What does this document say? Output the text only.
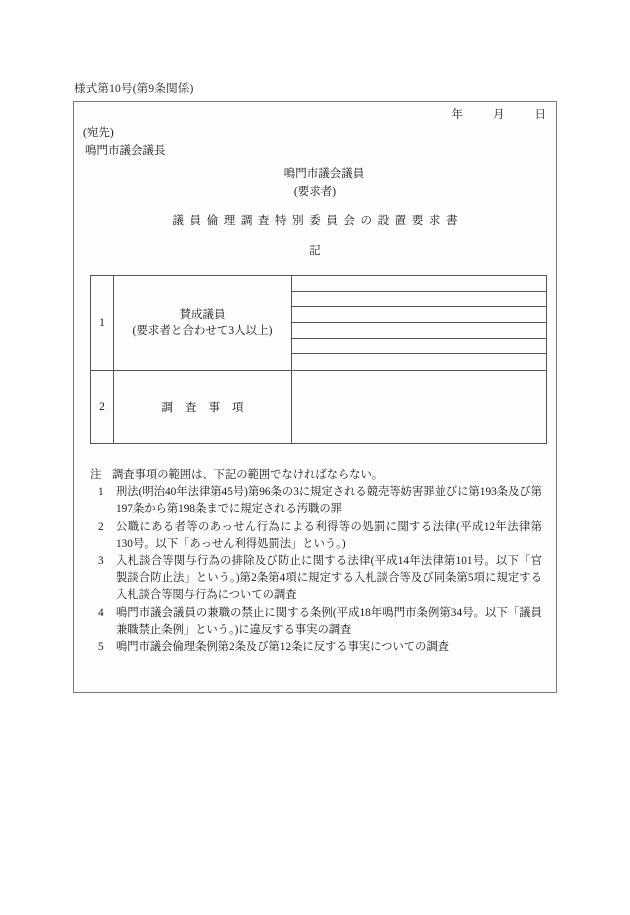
様式第10号(第9条関係)
年	月	日
(宛先)
鳴門市議会議長
鳴門市議会議員
(要求者)
議員倫理調査特別委員会の設置要求書
記
1	賛成議員
(要求者と合わせて3人以上)	

2	調査事項	

注 調査事項の範囲は、下記の範囲でなければならない。
1 刑法(明治40年法律第45号)第96条の3に規定される競売等妨害罪並びに第193条及び第197条から第198条までに規定される汚職の罪
2 公職にある者等のあっせん行為による利得等の処罰に関する法律(平成12年法律第130号。以下「あっせん利得処罰法」という。)
3 入札談合等関与行為の排除及び防止に関する法律(平成14年法律第101号。以下「官製談合防止法」という。)第2条第4項に規定する入札談合等及び同条第5項に規定する入札談合等関与行為についての調査
4 鳴門市議会議員の兼職の禁止に関する条例(平成18年鳴門市条例第34号。以下「議員兼職禁止条例」という。)に違反する事実の調査
5 鳴門市議会倫理条例第2条及び第12条に反する事実についての調査
